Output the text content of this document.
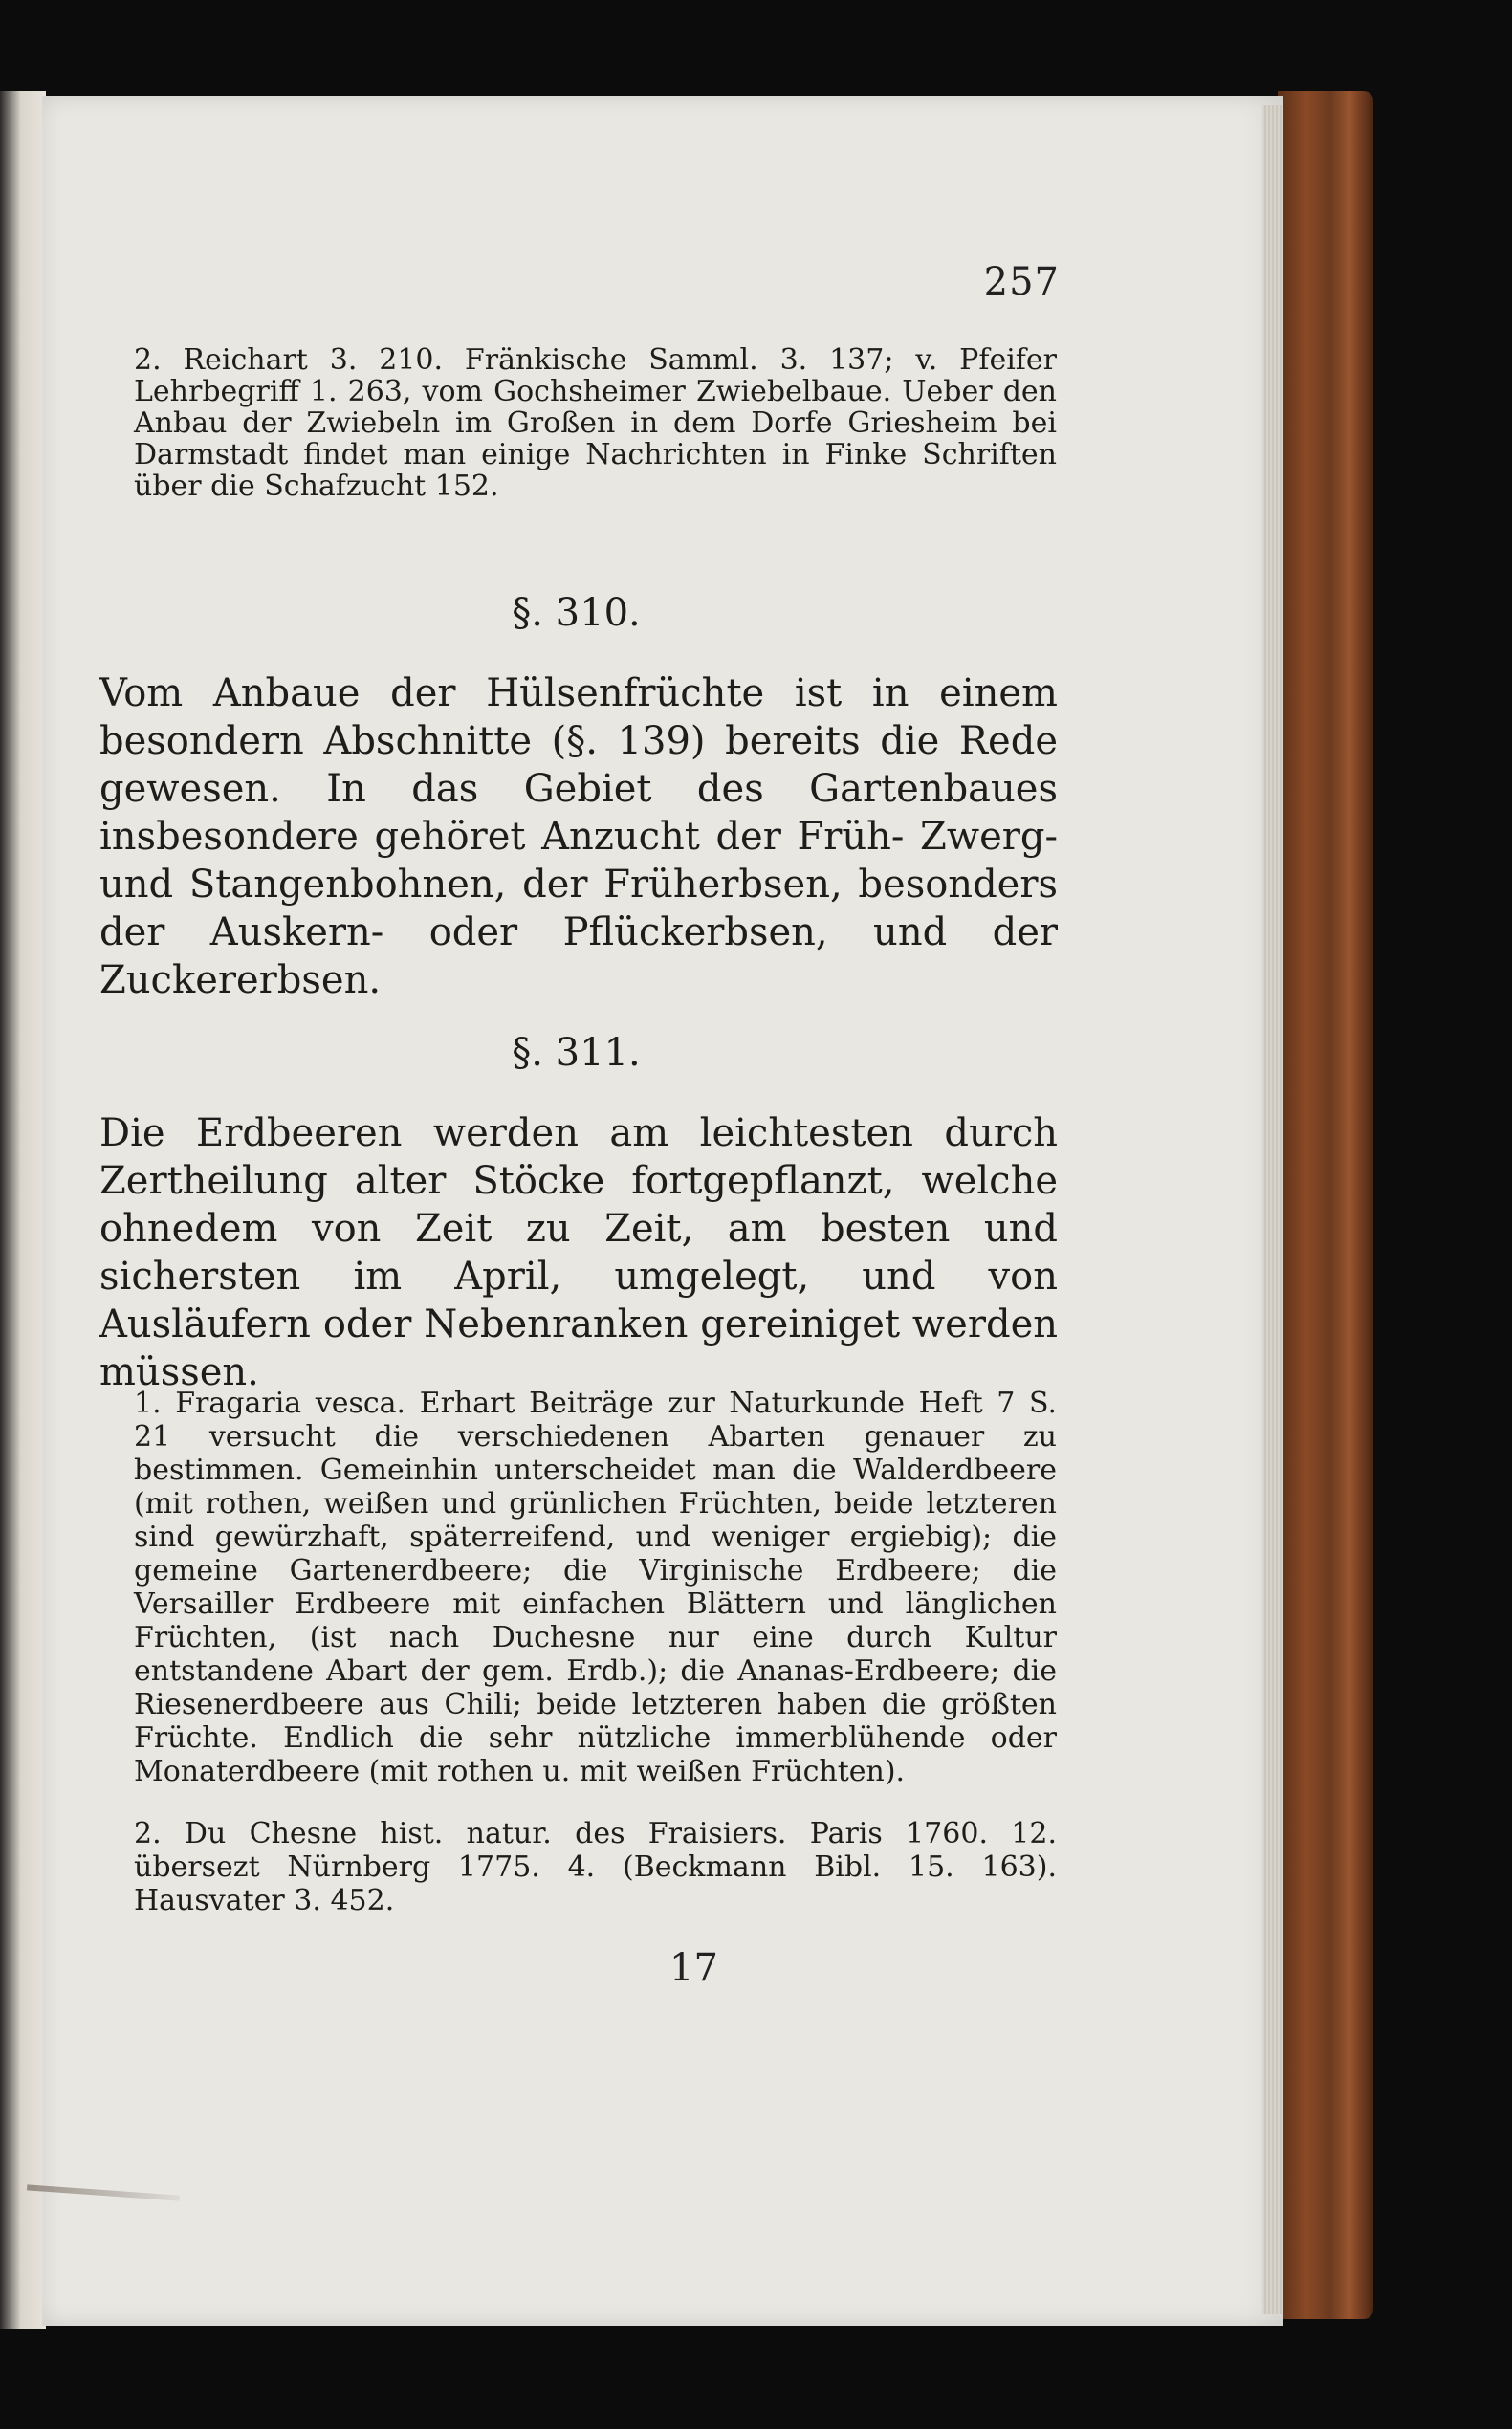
257
2. Reichart 3. 210. Fränkische Samml. 3. 137; v. Pfeifer Lehrbegriff 1. 263, vom Gochsheimer Zwiebelbaue. Ueber den Anbau der Zwiebeln im Großen in dem Dorfe Griesheim bei Darmstadt findet man einige Nachrichten in Finke Schriften über die Schafzucht 152.
§. 310.
Vom Anbaue der Hülsenfrüchte ist in einem besondern Abschnitte (§. 139) bereits die Rede gewesen. In das Gebiet des Gartenbaues insbesondere gehöret Anzucht der Früh- Zwerg- und Stangenbohnen, der Früherbsen, besonders der Auskern- oder Pflückerbsen, und der Zuckererbsen.
§. 311.
Die Erdbeeren werden am leichtesten durch Zertheilung alter Stöcke fortgepflanzt, welche ohnedem von Zeit zu Zeit, am besten und sichersten im April, umgelegt, und von Ausläufern oder Nebenranken gereiniget werden müssen.
1. Fragaria vesca. Erhart Beiträge zur Naturkunde Heft 7 S. 21 versucht die verschiedenen Abarten genauer zu bestimmen. Gemeinhin unterscheidet man die Walderdbeere (mit rothen, weißen und grünlichen Früchten, beide letzteren sind gewürzhaft, späterreifend, und weniger ergiebig); die gemeine Gartenerdbeere; die Virginische Erdbeere; die Versailler Erdbeere mit einfachen Blättern und länglichen Früchten, (ist nach Duchesne nur eine durch Kultur entstandene Abart der gem. Erdb.); die Ananas-Erdbeere; die Riesenerdbeere aus Chili; beide letzteren haben die größten Früchte. Endlich die sehr nützliche immerblühende oder Monaterdbeere (mit rothen u. mit weißen Früchten).
2. Du Chesne hist. natur. des Fraisiers. Paris 1760. 12. übersezt Nürnberg 1775. 4. (Beckmann Bibl. 15. 163). Hausvater 3. 452.
17
